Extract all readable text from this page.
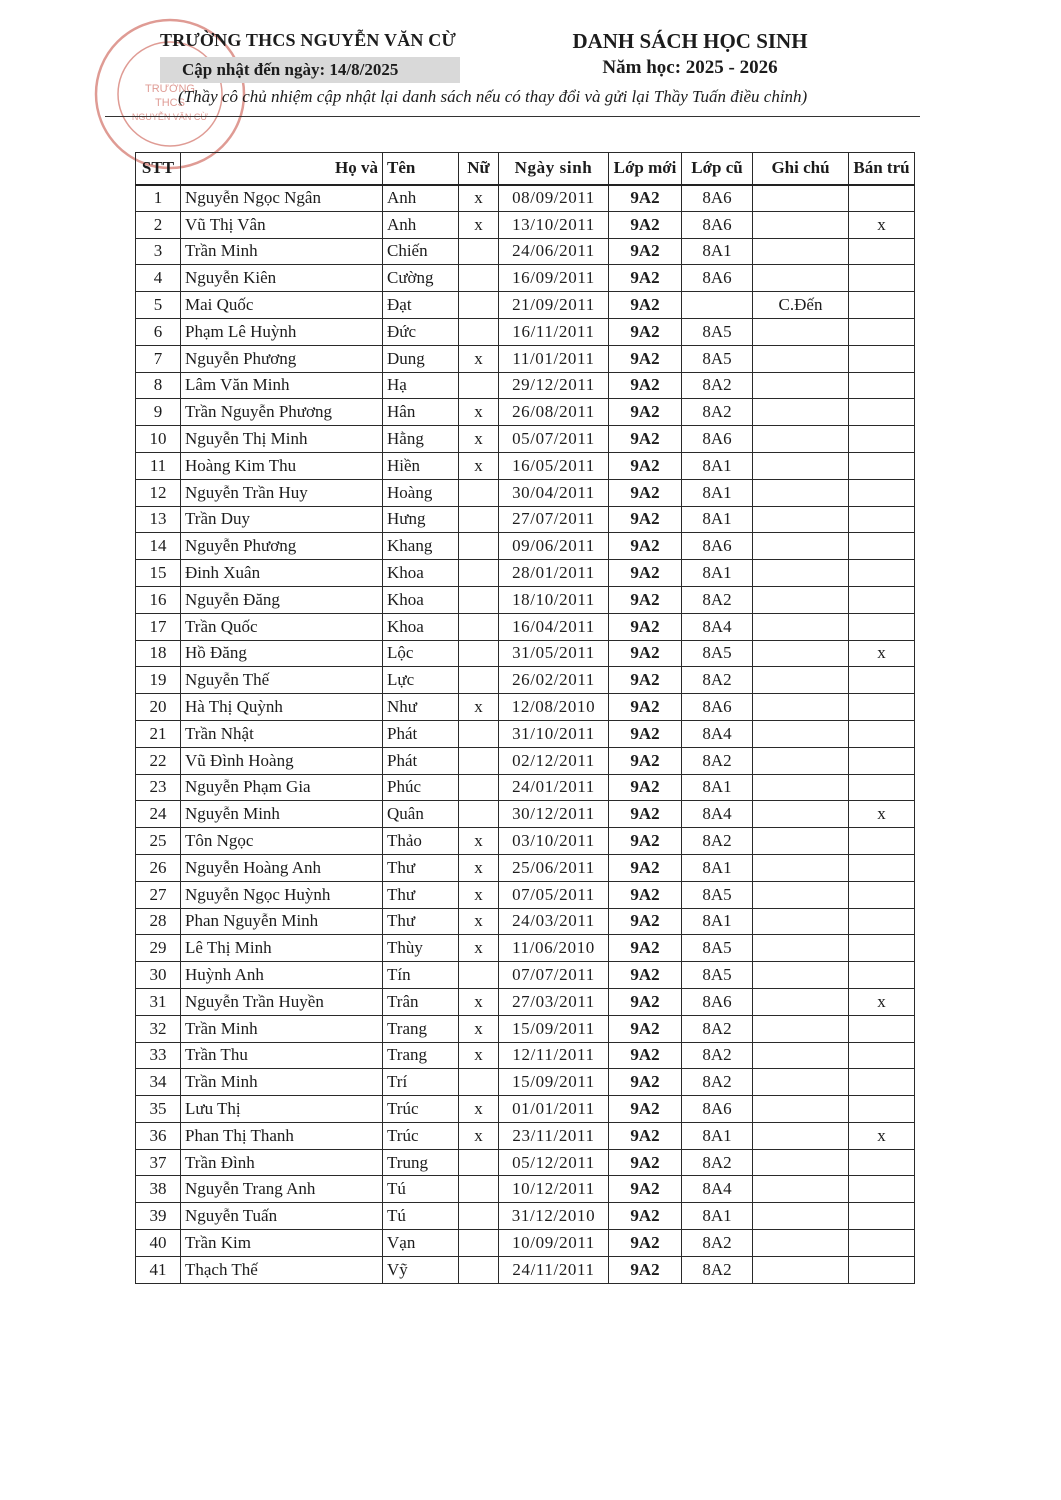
TRƯỜNG
THCS
NGUYỄN VĂN CỪ
TRƯỜNG THCS NGUYỄN VĂN CỪ
Cập nhật đến ngày: 14/8/2025
DANH SÁCH HỌC SINH
Năm học: 2025 - 2026
(Thầy cô chủ nhiệm cập nhật lại danh sách nếu có thay đổi và gửi lại Thầy Tuấn điều chỉnh)
STT	Họ và	Tên	Nữ	Ngày sinh	Lớp mới	Lớp cũ	Ghi chú	Bán trú
1	Nguyễn Ngọc Ngân	Anh	x	08/09/2011	9A2	8A6		
2	Vũ Thị Vân	Anh	x	13/10/2011	9A2	8A6		x
3	Trần Minh	Chiến		24/06/2011	9A2	8A1		
4	Nguyễn Kiên	Cường		16/09/2011	9A2	8A6		
5	Mai Quốc	Đạt		21/09/2011	9A2		C.Đến	
6	Phạm Lê Huỳnh	Đức		16/11/2011	9A2	8A5		
7	Nguyễn Phương	Dung	x	11/01/2011	9A2	8A5		
8	Lâm Văn Minh	Hạ		29/12/2011	9A2	8A2		
9	Trần Nguyễn Phương	Hân	x	26/08/2011	9A2	8A2		
10	Nguyễn Thị Minh	Hằng	x	05/07/2011	9A2	8A6		
11	Hoàng Kim Thu	Hiền	x	16/05/2011	9A2	8A1		
12	Nguyễn Trần Huy	Hoàng		30/04/2011	9A2	8A1		
13	Trần Duy	Hưng		27/07/2011	9A2	8A1		
14	Nguyễn Phương	Khang		09/06/2011	9A2	8A6		
15	Đinh Xuân	Khoa		28/01/2011	9A2	8A1		
16	Nguyễn Đăng	Khoa		18/10/2011	9A2	8A2		
17	Trần Quốc	Khoa		16/04/2011	9A2	8A4		
18	Hồ Đăng	Lộc		31/05/2011	9A2	8A5		x
19	Nguyễn Thế	Lực		26/02/2011	9A2	8A2		
20	Hà Thị Quỳnh	Như	x	12/08/2010	9A2	8A6		
21	Trần Nhật	Phát		31/10/2011	9A2	8A4		
22	Vũ Đình Hoàng	Phát		02/12/2011	9A2	8A2		
23	Nguyễn Phạm Gia	Phúc		24/01/2011	9A2	8A1		
24	Nguyễn Minh	Quân		30/12/2011	9A2	8A4		x
25	Tôn Ngọc	Thảo	x	03/10/2011	9A2	8A2		
26	Nguyễn Hoàng Anh	Thư	x	25/06/2011	9A2	8A1		
27	Nguyễn Ngọc Huỳnh	Thư	x	07/05/2011	9A2	8A5		
28	Phan Nguyễn Minh	Thư	x	24/03/2011	9A2	8A1		
29	Lê Thị Minh	Thùy	x	11/06/2010	9A2	8A5		
30	Huỳnh Anh	Tín		07/07/2011	9A2	8A5		
31	Nguyễn Trần Huyền	Trân	x	27/03/2011	9A2	8A6		x
32	Trần Minh	Trang	x	15/09/2011	9A2	8A2		
33	Trần Thu	Trang	x	12/11/2011	9A2	8A2		
34	Trần Minh	Trí		15/09/2011	9A2	8A2		
35	Lưu Thị	Trúc	x	01/01/2011	9A2	8A6		
36	Phan Thị Thanh	Trúc	x	23/11/2011	9A2	8A1		x
37	Trần Đình	Trung		05/12/2011	9A2	8A2		
38	Nguyễn Trang Anh	Tú		10/12/2011	9A2	8A4		
39	Nguyễn Tuấn	Tú		31/12/2010	9A2	8A1		
40	Trần Kim	Vạn		10/09/2011	9A2	8A2		
41	Thạch Thế	Vỹ		24/11/2011	9A2	8A2		
